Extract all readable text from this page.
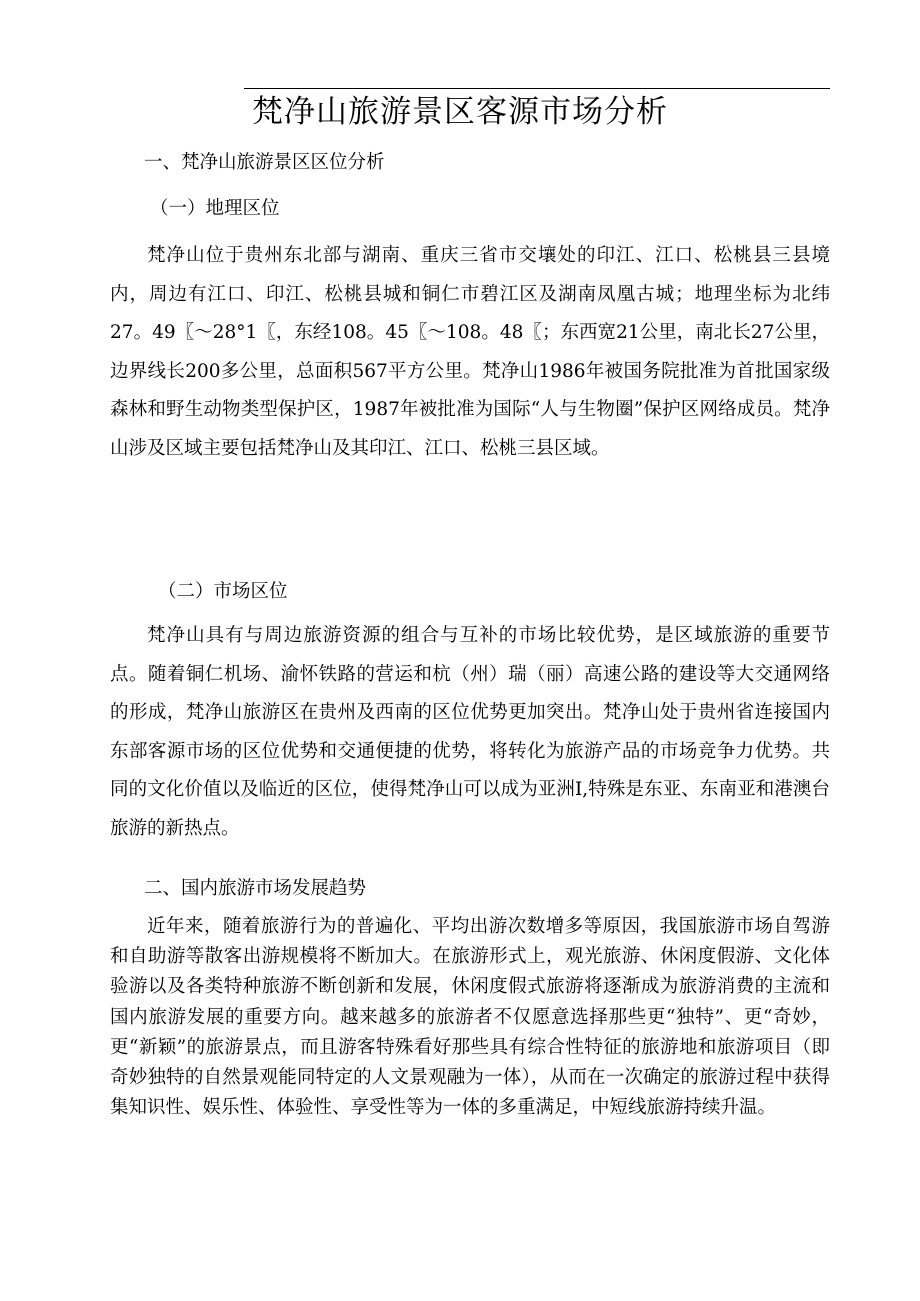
梵净山旅游景区客源市场分析
一、梵净山旅游景区区位分析
（一）地理区位
梵净山位于贵州东北部与湖南、重庆三省市交壤处的印江、江口、松桃县三县境内，周边有江口、印江、松桃县城和铜仁市碧江区及湖南凤凰古城；地理坐标为北纬27。49〖～28°1〖，东经108。45〖～108。48〖；东西宽21公里，南北长27公里，边界线长200多公里，总面积567平方公里。梵净山1986年被国务院批准为首批国家级森林和野生动物类型保护区，1987年被批准为国际“人与生物圈”保护区网络成员。梵净山涉及区域主要包括梵净山及其印江、江口、松桃三县区域。
（二）市场区位
梵净山具有与周边旅游资源的组合与互补的市场比较优势，是区域旅游的重要节点。随着铜仁机场、渝怀铁路的营运和杭（州）瑞（丽）高速公路的建设等大交通网络的形成，梵净山旅游区在贵州及西南的区位优势更加突出。梵净山处于贵州省连接国内东部客源市场的区位优势和交通便捷的优势，将转化为旅游产品的市场竞争力优势。共同的文化价值以及临近的区位，使得梵净山可以成为亚洲I,特殊是东亚、东南亚和港澳台旅游的新热点。
二、国内旅游市场发展趋势
近年来，随着旅游行为的普遍化、平均出游次数增多等原因，我国旅游市场自驾游和自助游等散客出游规模将不断加大。在旅游形式上，观光旅游、休闲度假游、文化体验游以及各类特种旅游不断创新和发展，休闲度假式旅游将逐渐成为旅游消费的主流和国内旅游发展的重要方向。越来越多的旅游者不仅愿意选择那些更“独特”、更“奇妙，更“新颖”的旅游景点，而且游客特殊看好那些具有综合性特征的旅游地和旅游项目（即奇妙独特的自然景观能同特定的人文景观融为一体），从而在一次确定的旅游过程中获得集知识性、娱乐性、体验性、享受性等为一体的多重满足，中短线旅游持续升温。
